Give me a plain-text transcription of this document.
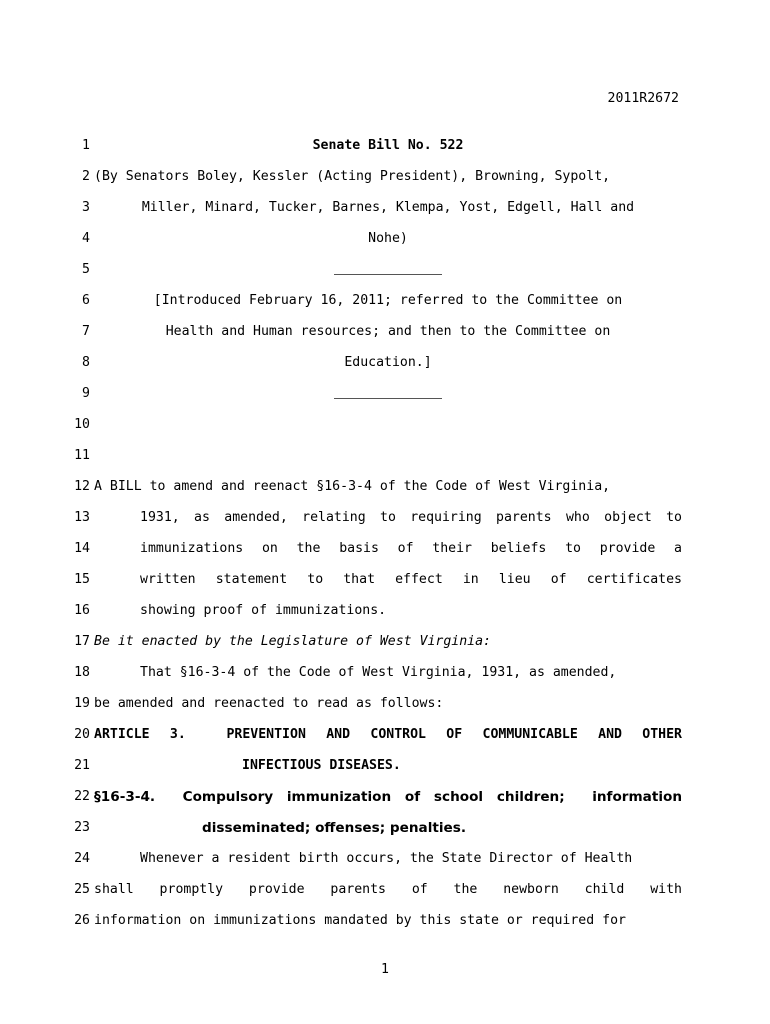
2011R2672
1	Senate Bill No. 522
2 (By Senators Boley, Kessler (Acting President), Browning, Sypolt,
3	Miller, Minard, Tucker, Barnes, Klempa, Yost, Edgell, Hall and
4	Nohe)
5
6	[Introduced February 16, 2011; referred to the Committee on
7	Health and Human resources; and then to the Committee on
8	Education.]
9
10
11
12 A BILL to amend and reenact §16-3-4 of the Code of West Virginia,
13	1931, as amended, relating to requiring parents who object to
14	immunizations on the basis of their beliefs to provide a
15	written statement to that effect in lieu of certificates
16	showing proof of immunizations.
17 Be it enacted by the Legislature of West Virginia:
18	That §16-3-4 of the Code of West Virginia, 1931, as amended,
19 be amended and reenacted to read as follows:
20 ARTICLE 3.  PREVENTION AND CONTROL OF COMMUNICABLE AND OTHER
21	INFECTIOUS DISEASES.
22 §16-3-4.  Compulsory immunization of school children;  information
23	disseminated; offenses; penalties.
24	Whenever a resident birth occurs, the State Director of Health
25 shall promptly provide parents of the newborn child with
26 information on immunizations mandated by this state or required for
1
